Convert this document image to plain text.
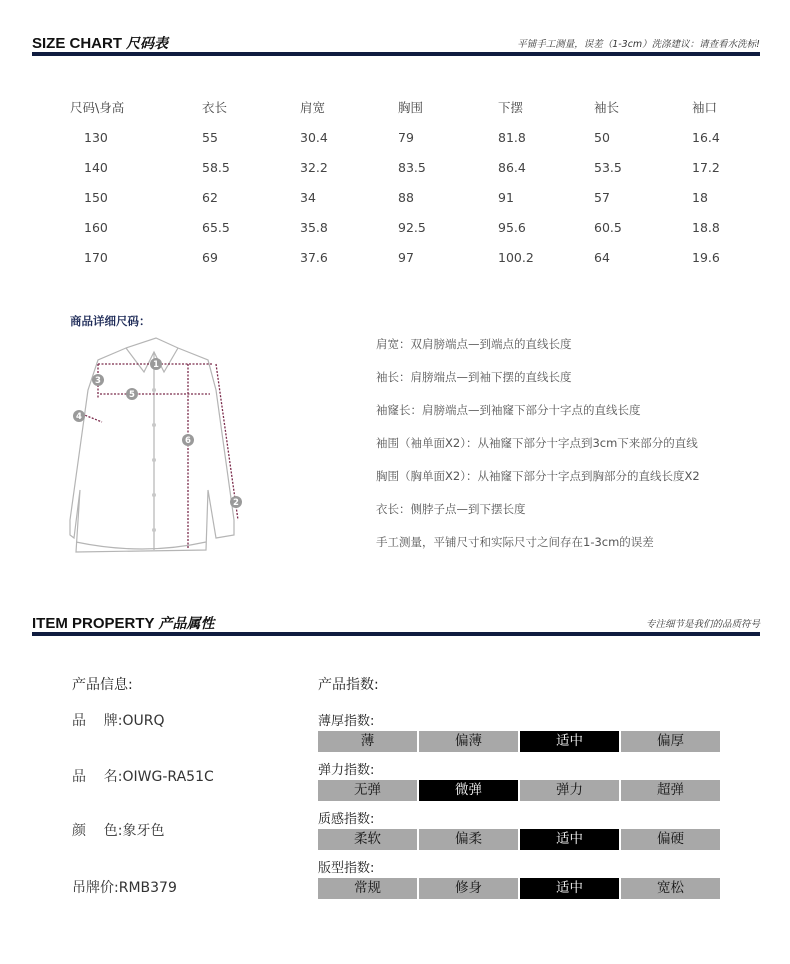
SIZE CHART 尺码表	平铺手工测量，误差（1-3cm）洗涤建议：请查看水洗标!
尺码\身高	衣长	肩宽	胸围	下摆	袖长	袖口
130	55	30.4	79	81.8	50	16.4
140	58.5	32.2	83.5	86.4	53.5	17.2
150	62	34	88	91	57	18
160	65.5	35.8	92.5	95.6	60.5	18.8
170	69	37.6	97	100.2	64	19.6
商品详细尺码：
1
2
3
4
5
6
肩宽：双肩膀端点—到端点的直线长度
袖长：肩膀端点—到袖下摆的直线长度
袖窿长：肩膀端点—到袖窿下部分十字点的直线长度
袖围（袖单面X2）：从袖窿下部分十字点到3cm下来部分的直线
胸围（胸单面X2）：从袖窿下部分十字点到胸部分的直线长度X2
衣长：侧脖子点—到下摆长度
手工测量，平铺尺寸和实际尺寸之间存在1-3cm的误差
ITEM PROPERTY 产品属性	专注细节是我们的品质符号
产品信息:
品    牌:OURQ
品    名:OIWG-RA51C
颜    色:象牙色
吊牌价:RMB379
产品指数:
薄厚指数:
薄	偏薄	适中	偏厚
弹力指数:
无弹	微弹	弹力	超弹
质感指数:
柔软	偏柔	适中	偏硬
版型指数:
常规	修身	适中	宽松
